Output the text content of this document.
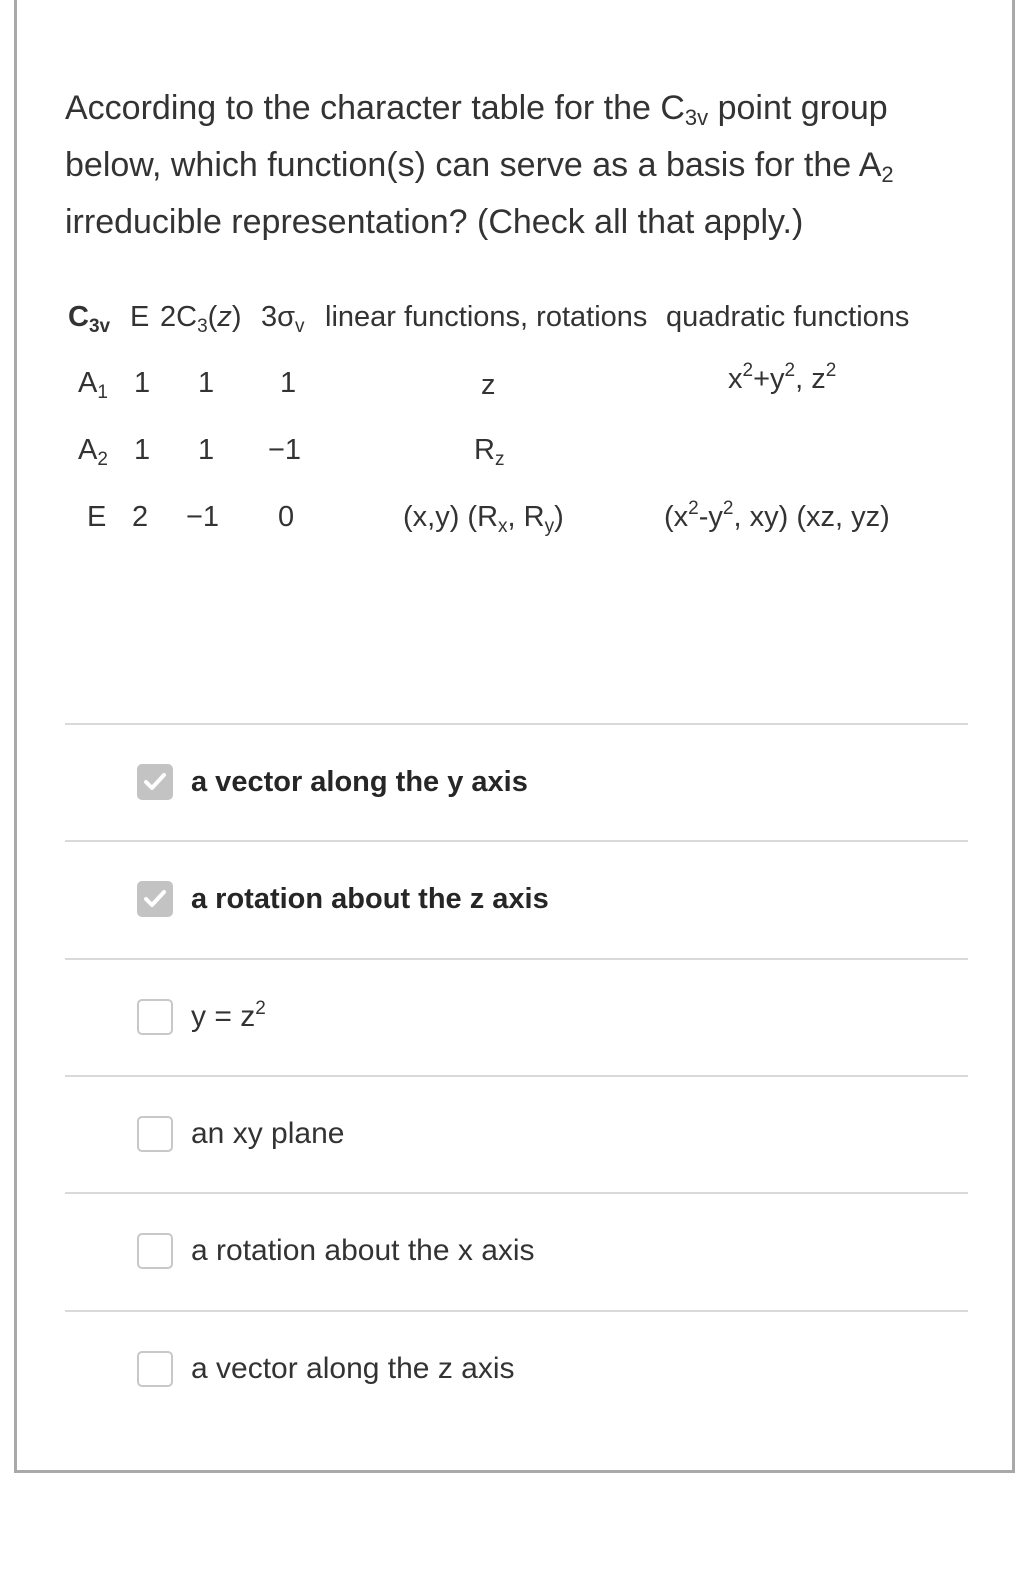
According to the character table for the $C_{3v}$ point group below, which function(s) can serve as a basis for the $A_2$ irreducible representation? (Check all that apply.)
$C_{3v}$ E $2C_3(z)$ $3\sigma_v$ linear functions, rotations quadratic functions
$A_1$ 1 1 1	z	$x^2+y^2$, $z^2$
$A_2$ 1 1 −1	$R_z$
E 2 −1 0	(x,y) ($R_x$, $R_y$)	($x^2-y^2$, xy) (xz, yz)
a vector along the y axis
a rotation about the z axis
$y = z^2$
an xy plane
a rotation about the x axis
a vector along the z axis
